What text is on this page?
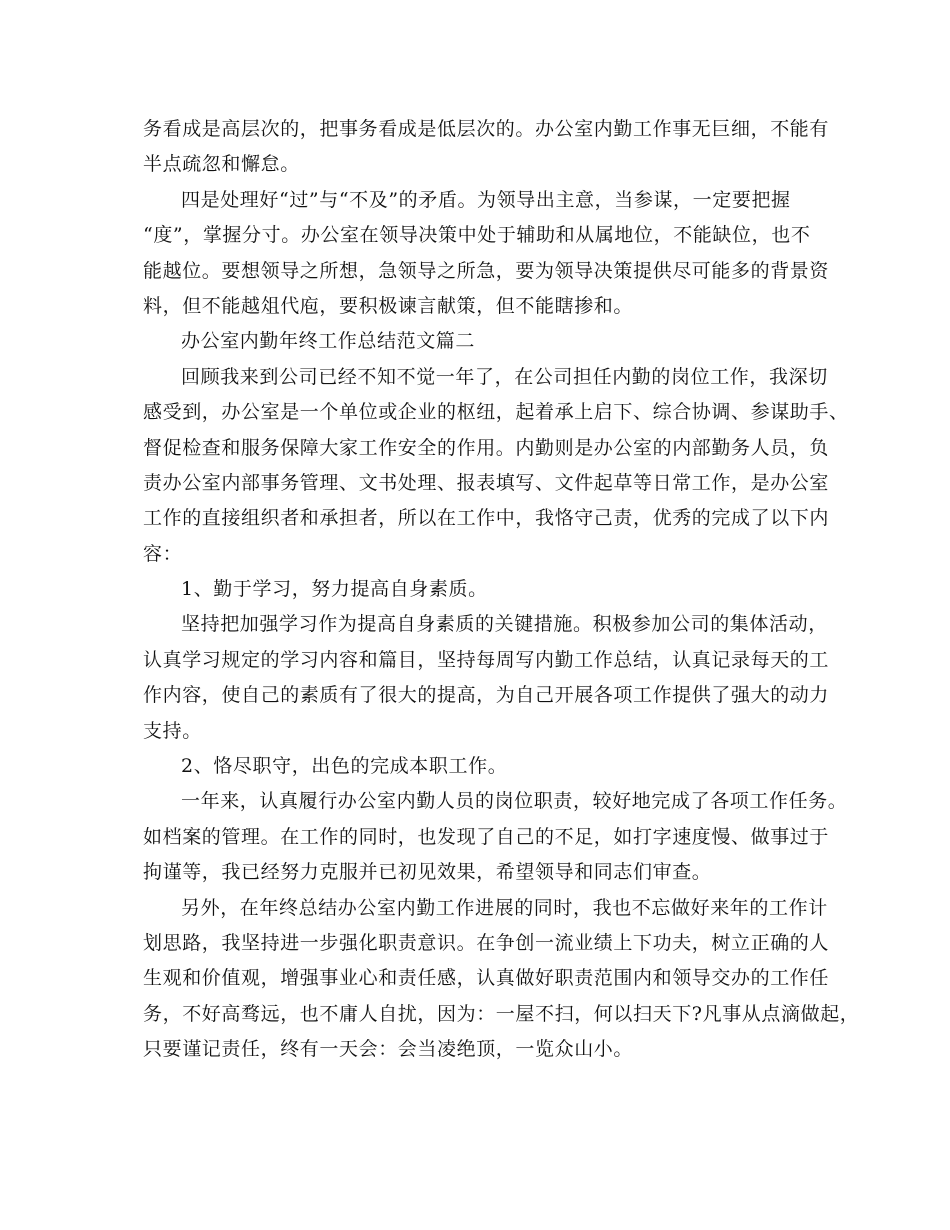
务看成是高层次的，把事务看成是低层次的。办公室内勤工作事无巨细，不能有
半点疏忽和懈怠。
四是处理好“过”与“不及”的矛盾。为领导出主意，当参谋，一定要把握
“度”，掌握分寸。办公室在领导决策中处于辅助和从属地位，不能缺位，也不
能越位。要想领导之所想，急领导之所急，要为领导决策提供尽可能多的背景资
料，但不能越俎代庖，要积极谏言献策，但不能瞎掺和。
办公室内勤年终工作总结范文篇二
回顾我来到公司已经不知不觉一年了，在公司担任内勤的岗位工作，我深切
感受到，办公室是一个单位或企业的枢纽，起着承上启下、综合协调、参谋助手、
督促检查和服务保障大家工作安全的作用。内勤则是办公室的内部勤务人员，负
责办公室内部事务管理、文书处理、报表填写、文件起草等日常工作，是办公室
工作的直接组织者和承担者，所以在工作中，我恪守己责，优秀的完成了以下内
容：
1、勤于学习，努力提高自身素质。
坚持把加强学习作为提高自身素质的关键措施。积极参加公司的集体活动，
认真学习规定的学习内容和篇目，坚持每周写内勤工作总结，认真记录每天的工
作内容，使自己的素质有了很大的提高，为自己开展各项工作提供了强大的动力
支持。
2、恪尽职守，出色的完成本职工作。
一年来，认真履行办公室内勤人员的岗位职责，较好地完成了各项工作任务。
如档案的管理。在工作的同时，也发现了自己的不足，如打字速度慢、做事过于
拘谨等，我已经努力克服并已初见效果，希望领导和同志们审查。
另外，在年终总结办公室内勤工作进展的同时，我也不忘做好来年的工作计
划思路，我坚持进一步强化职责意识。在争创一流业绩上下功夫，树立正确的人
生观和价值观，增强事业心和责任感，认真做好职责范围内和领导交办的工作任
务，不好高骛远，也不庸人自扰，因为：一屋不扫，何以扫天下?凡事从点滴做起，
只要谨记责任，终有一天会：会当凌绝顶，一览众山小。
